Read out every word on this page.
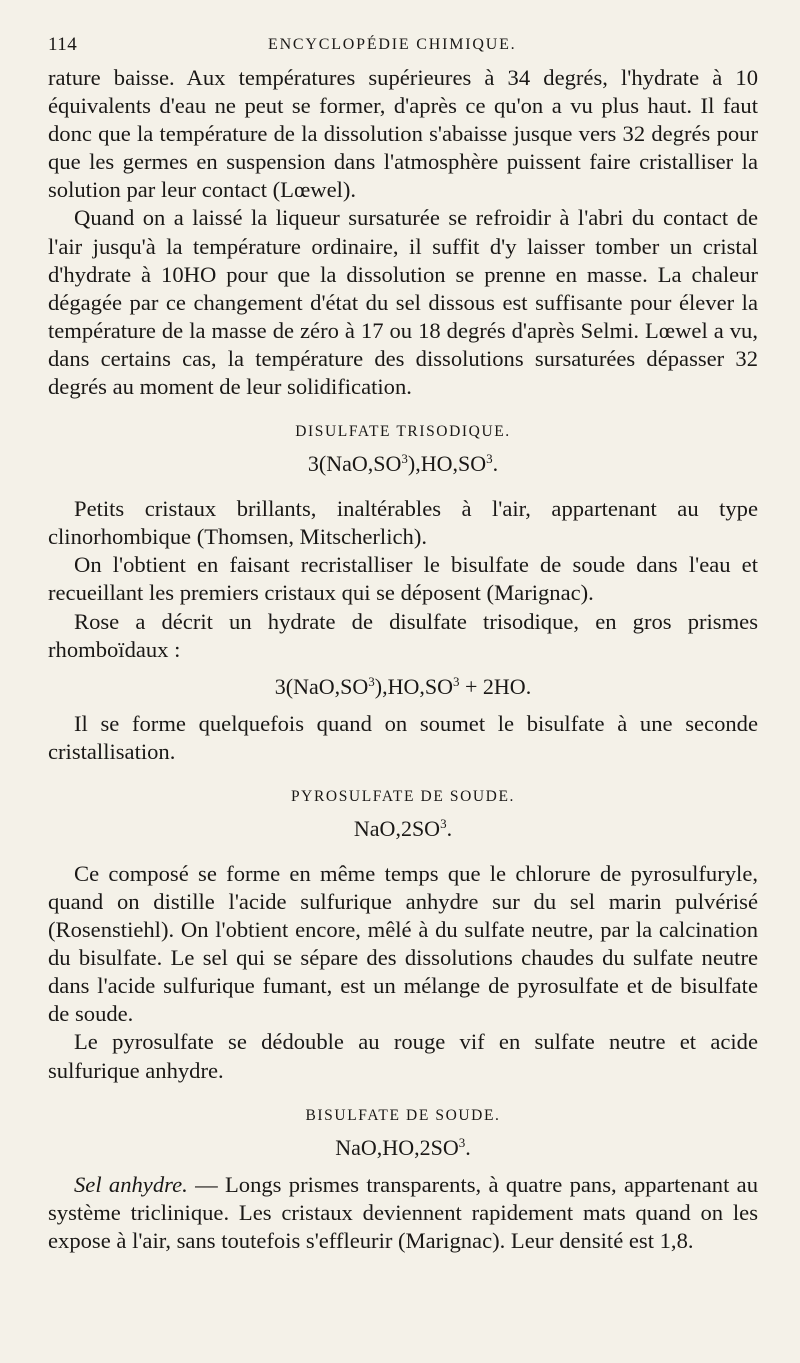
114	ENCYCLOPÉDIE CHIMIQUE.

rature baisse. Aux températures supérieures à 34 degrés, l'hydrate à 10 équivalents d'eau ne peut se former, d'après ce qu'on a vu plus haut. Il faut donc que la température de la dissolution s'abaisse jusque vers 32 degrés pour que les germes en suspension dans l'atmosphère puissent faire cristalliser la solution par leur contact (Lœwel).

Quand on a laissé la liqueur sursaturée se refroidir à l'abri du contact de l'air jusqu'à la température ordinaire, il suffit d'y laisser tomber un cristal d'hydrate à 10HO pour que la dissolution se prenne en masse. La chaleur dégagée par ce changement d'état du sel dissous est suffisante pour élever la température de la masse de zéro à 17 ou 18 degrés d'après Selmi. Lœwel a vu, dans certains cas, la température des dissolutions sursaturées dépasser 32 degrés au moment de leur solidification.

DISULFATE TRISODIQUE.
$3(NaO,SO^3),HO,SO^3$.

Petits cristaux brillants, inaltérables à l'air, appartenant au type clinorhombique (Thomsen, Mitscherlich).

On l'obtient en faisant recristalliser le bisulfate de soude dans l'eau et recueillant les premiers cristaux qui se déposent (Marignac).

Rose a décrit un hydrate de disulfate trisodique, en gros prismes rhomboïdaux :

$3(NaO,SO^3),HO,SO^3 + 2HO$.

Il se forme quelquefois quand on soumet le bisulfate à une seconde cristallisation.

PYROSULFATE DE SOUDE.
$NaO,2SO^3$.

Ce composé se forme en même temps que le chlorure de pyrosulfuryle, quand on distille l'acide sulfurique anhydre sur du sel marin pulvérisé (Rosenstiehl). On l'obtient encore, mêlé à du sulfate neutre, par la calcination du bisulfate. Le sel qui se sépare des dissolutions chaudes du sulfate neutre dans l'acide sulfurique fumant, est un mélange de pyrosulfate et de bisulfate de soude.

Le pyrosulfate se dédouble au rouge vif en sulfate neutre et acide sulfurique anhydre.

BISULFATE DE SOUDE.
$NaO,HO,2SO^3$.

Sel anhydre. — Longs prismes transparents, à quatre pans, appartenant au système triclinique. Les cristaux deviennent rapidement mats quand on les expose à l'air, sans toutefois s'effleurir (Marignac). Leur densité est 1,8.
